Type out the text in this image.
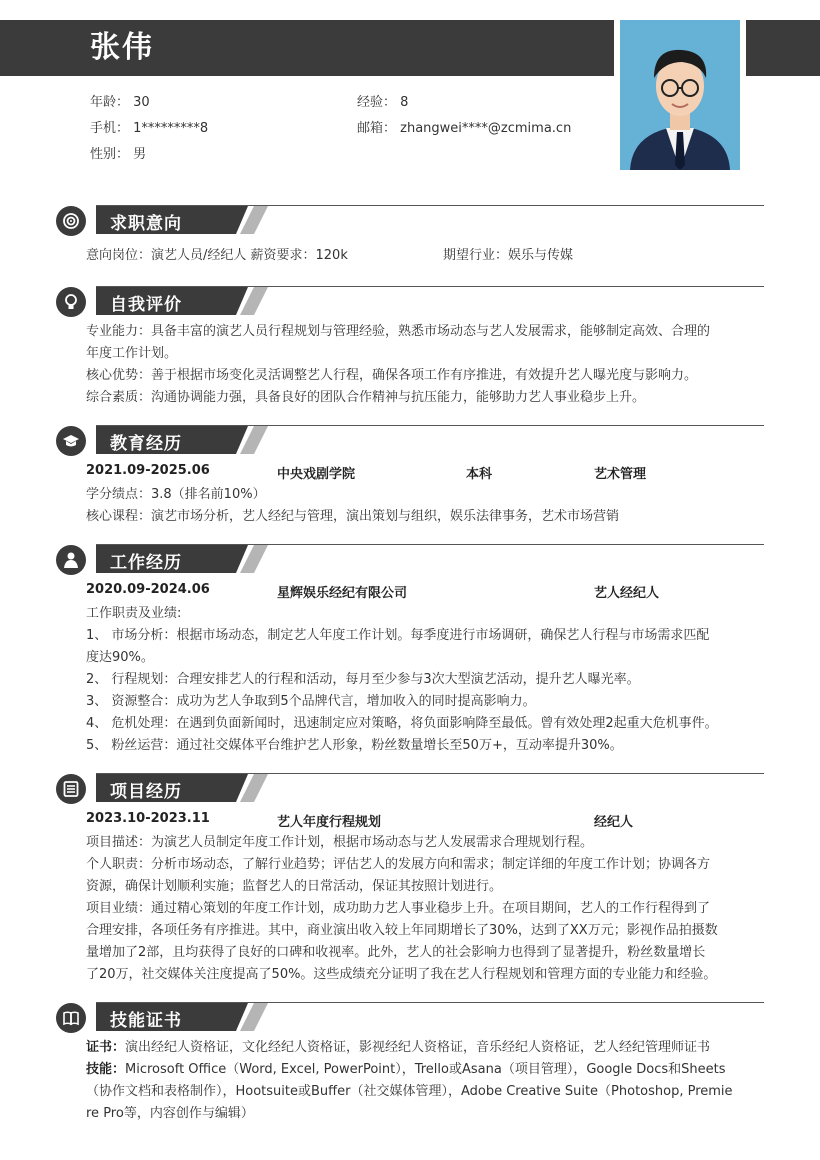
张伟
年龄： 30	经验： 8
手机： 1*********8	邮箱： zhangwei****@zcmima.cn
性别： 男
求职意向
意向岗位：演艺人员/经纪人 薪资要求：120k	期望行业：娱乐与传媒
自我评价
专业能力：具备丰富的演艺人员行程规划与管理经验，熟悉市场动态与艺人发展需求，能够制定高效、合理的
年度工作计划。
核心优势：善于根据市场变化灵活调整艺人行程，确保各项工作有序推进，有效提升艺人曝光度与影响力。
综合素质：沟通协调能力强，具备良好的团队合作精神与抗压能力，能够助力艺人事业稳步上升。
教育经历
2021.09-2025.06	中央戏剧学院	本科	艺术管理
学分绩点：3.8（排名前10%）
核心课程：演艺市场分析，艺人经纪与管理，演出策划与组织，娱乐法律事务，艺术市场营销
工作经历
2020.09-2024.06	星辉娱乐经纪有限公司	艺人经纪人
工作职责及业绩:
1、 市场分析：根据市场动态，制定艺人年度工作计划。每季度进行市场调研，确保艺人行程与市场需求匹配
度达90%。
2、 行程规划：合理安排艺人的行程和活动，每月至少参与3次大型演艺活动，提升艺人曝光率。
3、 资源整合：成功为艺人争取到5个品牌代言，增加收入的同时提高影响力。
4、 危机处理：在遇到负面新闻时，迅速制定应对策略，将负面影响降至最低。曾有效处理2起重大危机事件。
5、 粉丝运营：通过社交媒体平台维护艺人形象，粉丝数量增长至50万+，互动率提升30%。
项目经历
2023.10-2023.11	艺人年度行程规划	经纪人
项目描述：为演艺人员制定年度工作计划，根据市场动态与艺人发展需求合理规划行程。
个人职责：分析市场动态，了解行业趋势；评估艺人的发展方向和需求；制定详细的年度工作计划；协调各方
资源，确保计划顺利实施；监督艺人的日常活动，保证其按照计划进行。
项目业绩：通过精心策划的年度工作计划，成功助力艺人事业稳步上升。在项目期间，艺人的工作行程得到了
合理安排，各项任务有序推进。其中，商业演出收入较上年同期增长了30%，达到了XX万元；影视作品拍摄数
量增加了2部，且均获得了良好的口碑和收视率。此外，艺人的社会影响力也得到了显著提升，粉丝数量增长
了20万，社交媒体关注度提高了50%。这些成绩充分证明了我在艺人行程规划和管理方面的专业能力和经验。
技能证书
证书：演出经纪人资格证，文化经纪人资格证，影视经纪人资格证，音乐经纪人资格证，艺人经纪管理师证书
技能：Microsoft Office（Word, Excel, PowerPoint），Trello或Asana（项目管理），Google Docs和Sheets
（协作文档和表格制作），Hootsuite或Buffer（社交媒体管理），Adobe Creative Suite（Photoshop, Premie
re Pro等，内容创作与编辑）
